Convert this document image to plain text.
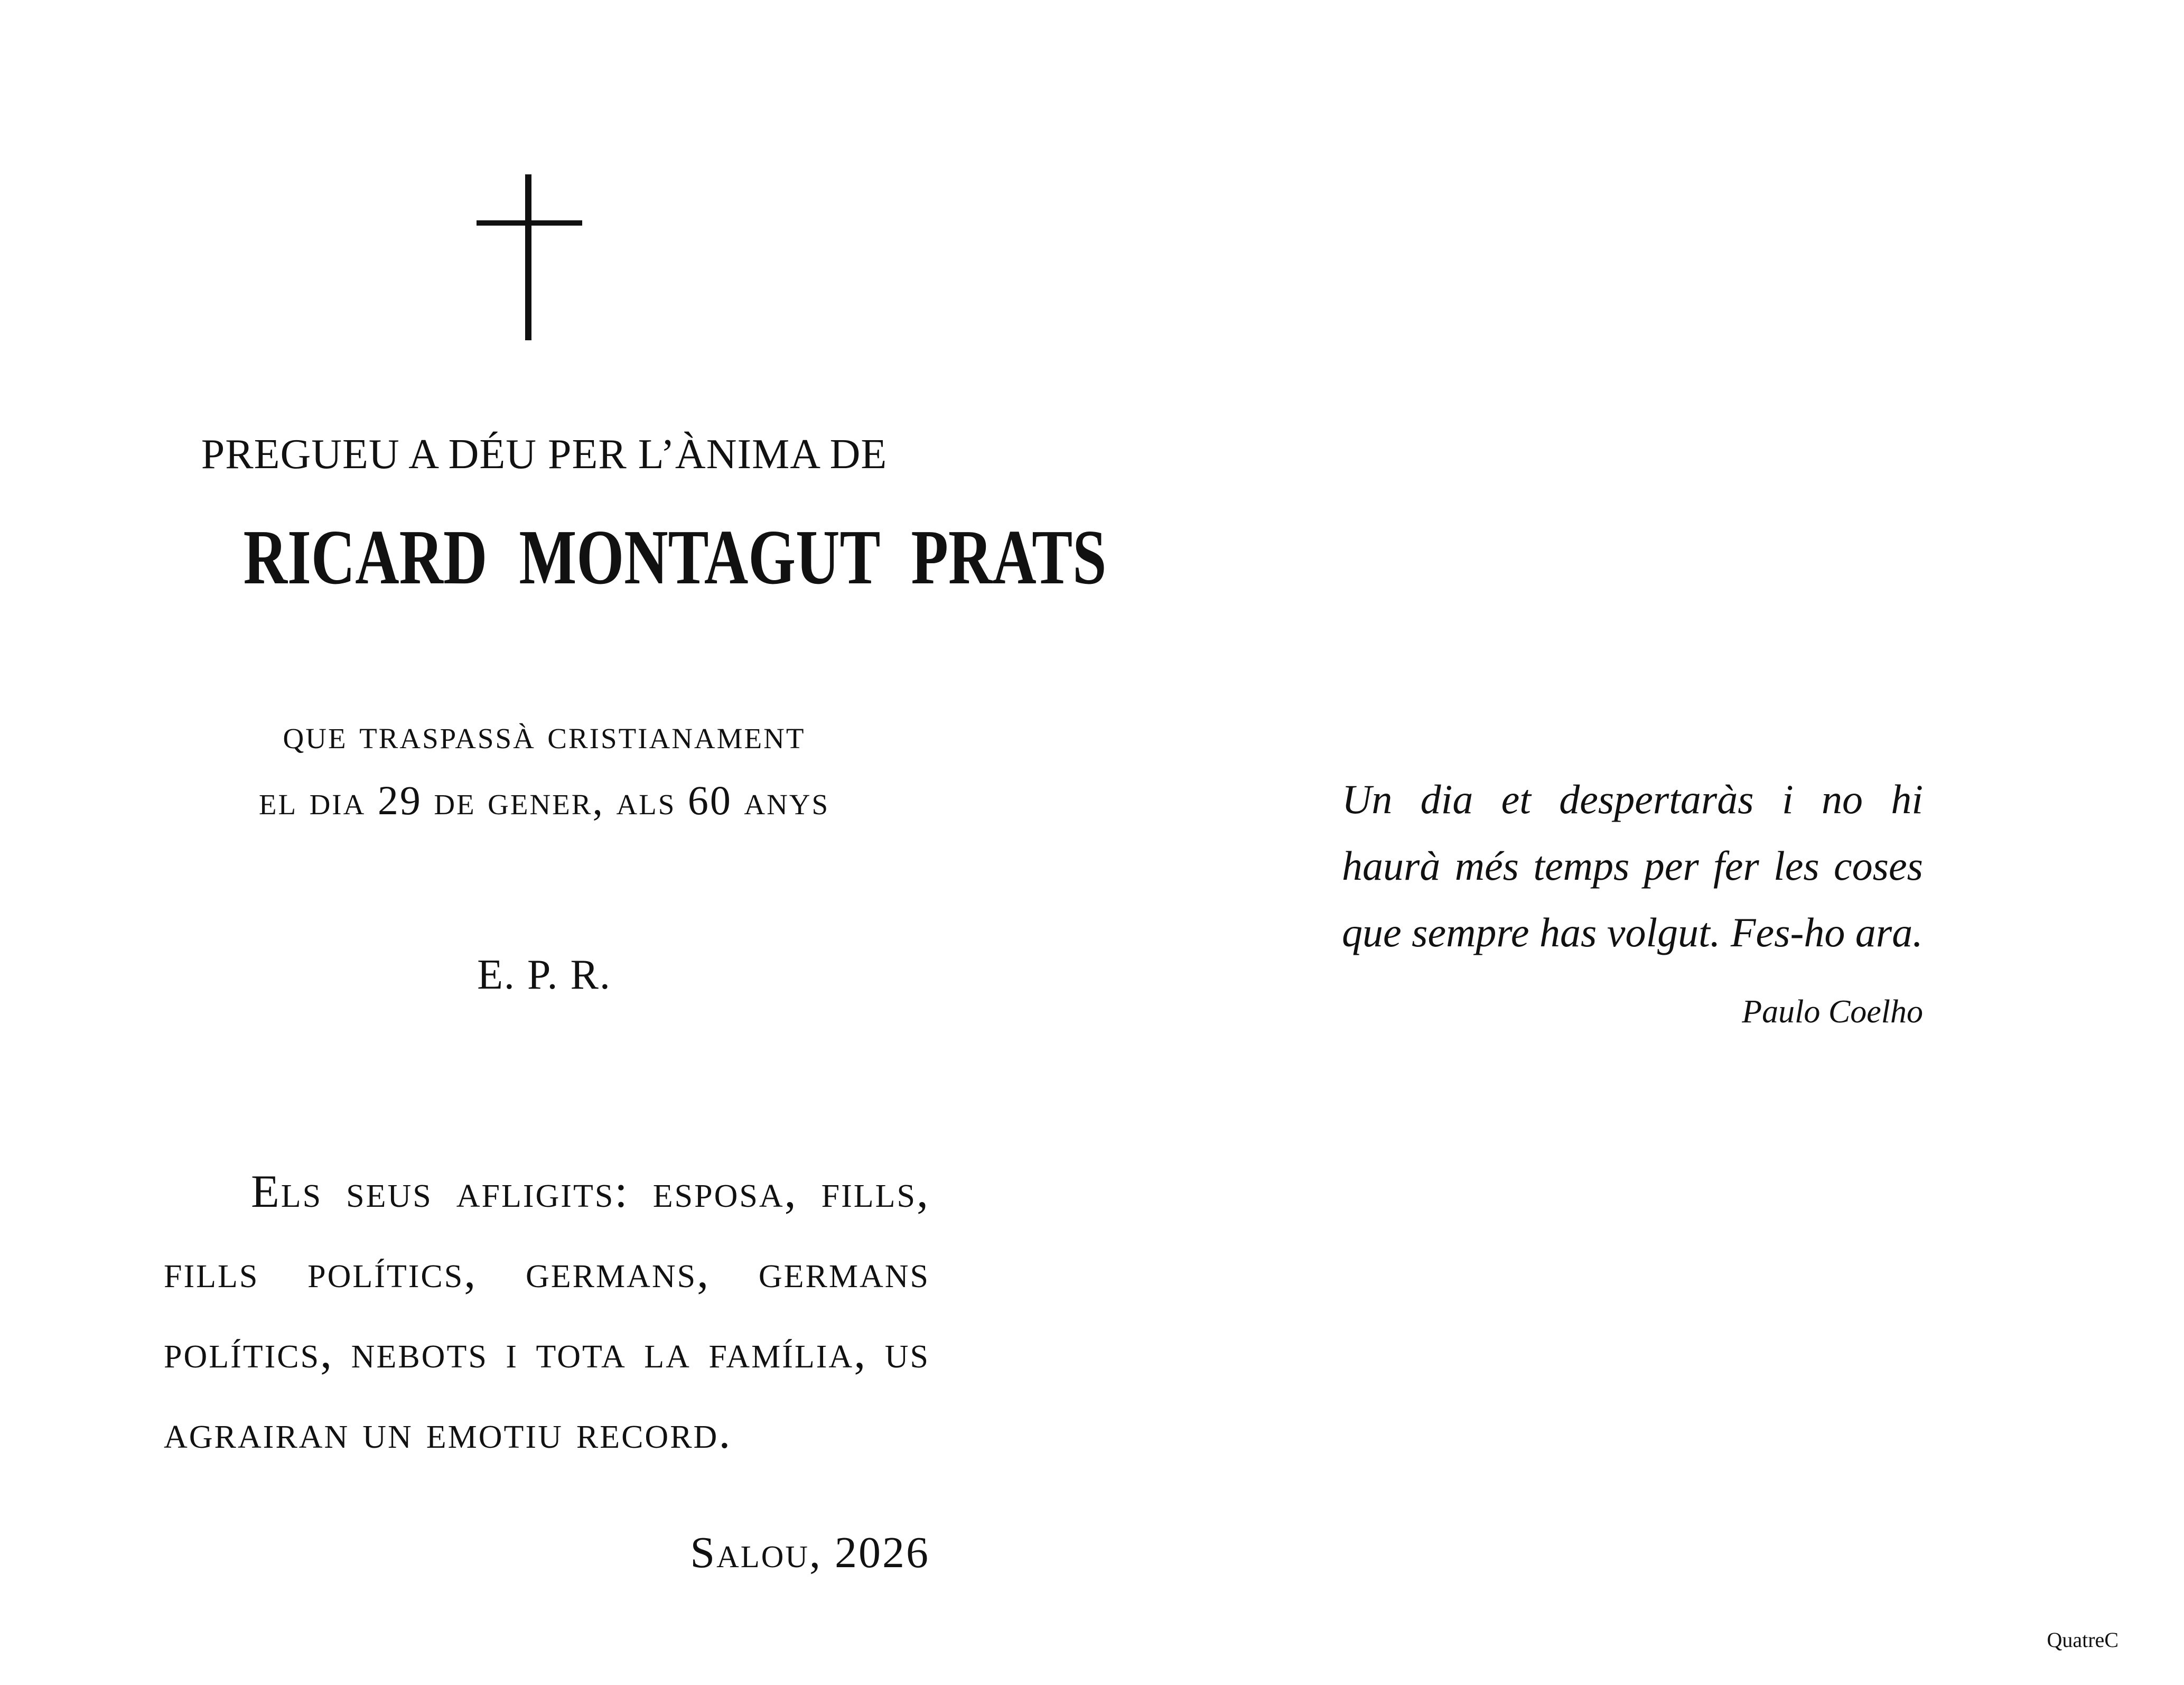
PREGUEU A DÉU PER L’ÀNIMA DE
RICARD MONTAGUT PRATS
que traspassà cristianament
el dia 29 de gener, als 60 anys
E. P. R.
Els seus afligits: esposa, fills, fills polítics, germans, germans polítics, nebots i tota la família, us agrairan un emotiu record.
Salou, 2026
Un dia et despertaràs i no hi haurà més temps per fer les coses que sempre has volgut. Fes-ho ara.
Paulo Coelho
QuatreC
